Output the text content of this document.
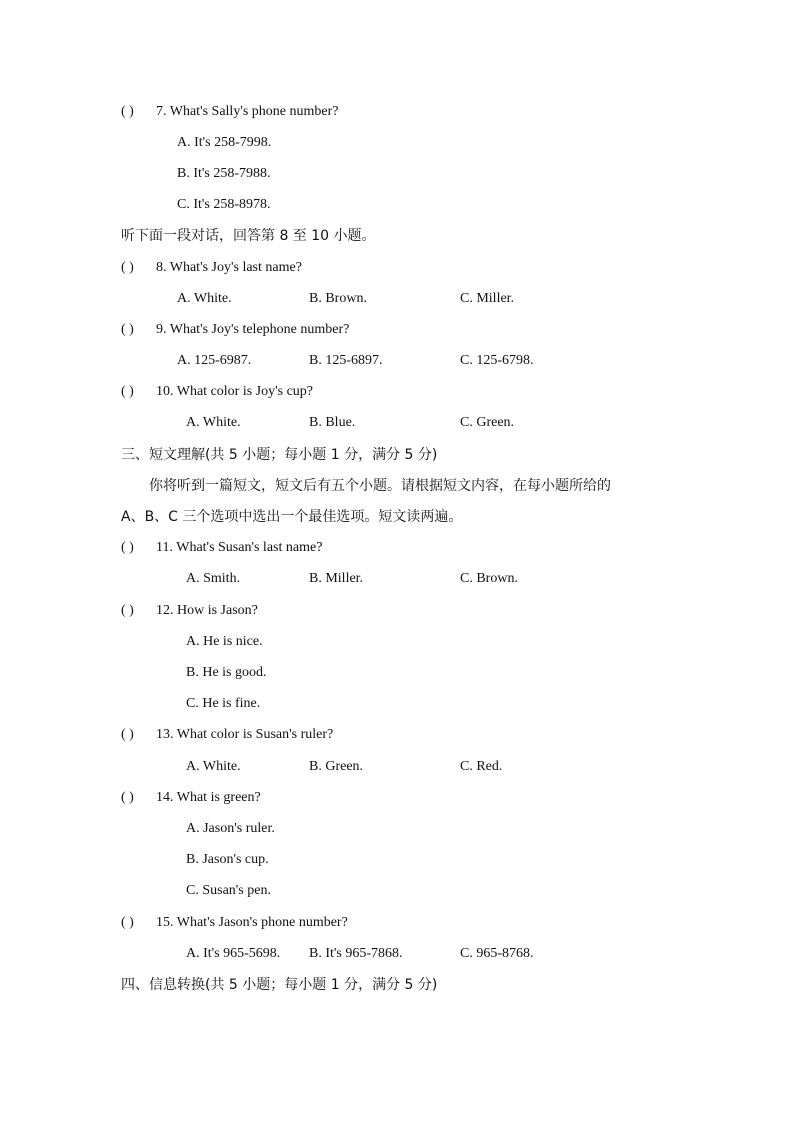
( ) 7. What's Sally's phone number?
A. It's 258-7998.
B. It's 258-7988.
C. It's 258-8978.
听下面一段对话，回答第 8 至 10 小题。
( ) 8. What's Joy's last name?
A. White.	B. Brown.	C. Miller.
( ) 9. What's Joy's telephone number?
A. 125-6987.	B. 125-6897.	C. 125-6798.
( ) 10. What color is Joy's cup?
A. White.	B. Blue.	C. Green.
三、短文理解(共 5 小题；每小题 1 分，满分 5 分)
你将听到一篇短文，短文后有五个小题。请根据短文内容，在每小题所给的
A、B、C 三个选项中选出一个最佳选项。短文读两遍。
( ) 11. What's Susan's last name?
A. Smith.	B. Miller.	C. Brown.
( ) 12. How is Jason?
A. He is nice.
B. He is good.
C. He is fine.
( ) 13. What color is Susan's ruler?
A. White.	B. Green.	C. Red.
( ) 14. What is green?
A. Jason's ruler.
B. Jason's cup.
C. Susan's pen.
( ) 15. What's Jason's phone number?
A. It's 965-5698. B. It's 965-7868.	C. 965-8768.
四、信息转换(共 5 小题；每小题 1 分，满分 5 分)
